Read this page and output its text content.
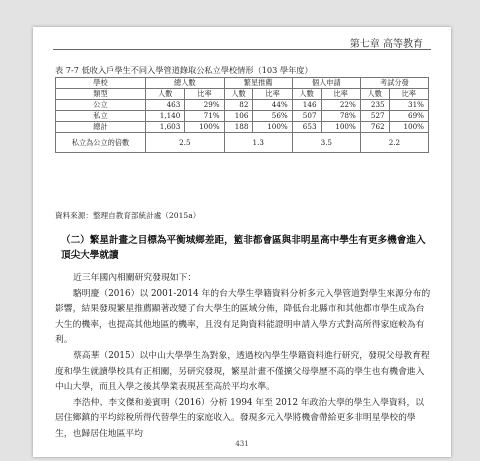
第七章 高等教育
表 7-7 低收入戶學生不同入學管道錄取公私立學校情形（103 學年度）
學校	總人數		繁星推薦		個人申請		考試分發	
類型	人數	比率	人數	比率	人數	比率	人數	比率
公立	463	29%	82	44%	146	22%	235	31%
私立	1,140	71%	106	56%	507	78%	527	69%
總計	1,603	100%	188	100%	653	100%	762	100%
私立為公立的倍數	2.5		1.3		3.5		2.2	
資料來源：整理自教育部統計處（2015a）
（二）繁星計畫之目標為平衡城鄉差距，籃非都會區與非明星高中學生有更多機會進入頂尖大學就讀

近三年國內相關研究發現如下：

駱明慶（2016）以 2001-2014 年的台大學生學籍資料分析多元入學管道對學生來源分布的影響，結果發現繁星推薦顯著改變了台大學生的區域分佈，降低台北縣市和其他都市學生成為台大生的機率，也提高其他地區的機率，且沒有足夠資料能證明申請入學方式對高所得家庭較為有利。

蔡高華（2015）以中山大學學生為對象，透過校內學生學籍資料進行研究，發現父母教育程度和學生就讀學校具有正相關，另研究發現，繁星計畫不僅擴父母學歷不高的學生也有機會進入中山大學，而且入學之後其學業表現甚至高於平均水準。

李浩仲、李文傑和姜賓明（2016）分析 1994 年至 2012 年政治大學的學生入學資料，以居住鄉鎮的平均綜稅所得代替學生的家庭收入。發現多元入學將機會帶給更多非明星學校的學生，也歸居住地區平均

431
